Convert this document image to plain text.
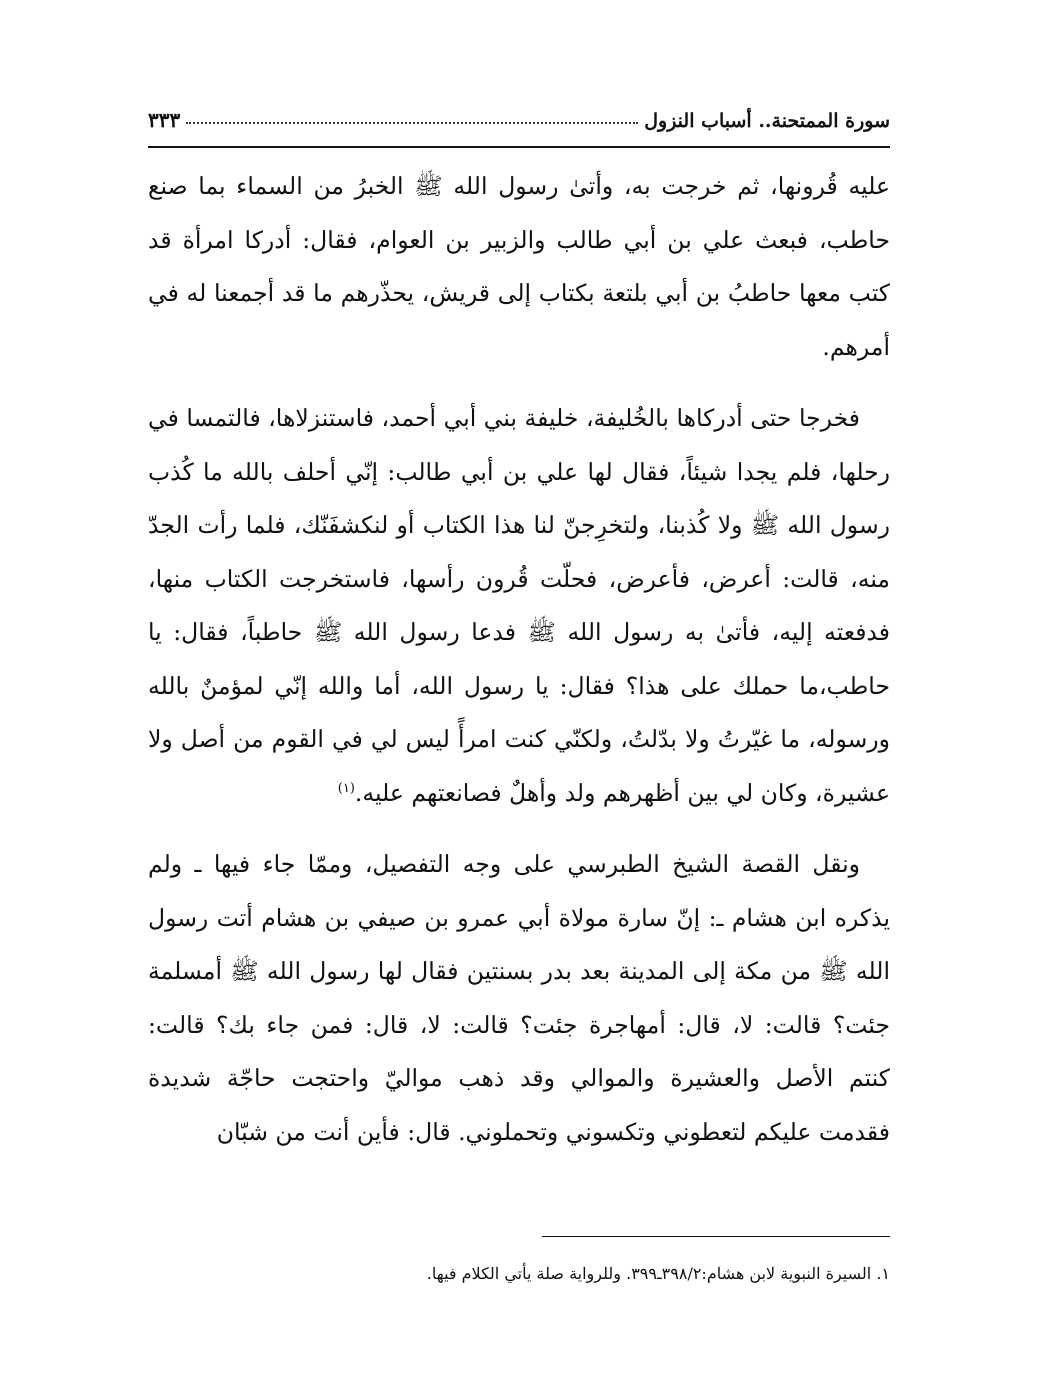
سورة الممتحنة.. أسباب النزول
٣٣٣

عليه قُرونها، ثم خرجت به، وأتىٰ رسول الله ﷺ الخبرُ من السماء بما صنع حاطب، فبعث علي بن أبي طالب والزبير بن العوام، فقال: أدركا امرأة قد كتب معها حاطبُ بن أبي بلتعة بكتاب إلى قريش، يحذّرهم ما قد أجمعنا له في أمرهم.

فخرجا حتى أدركاها بالخُليفة، خليفة بني أبي أحمد، فاستنزلاها، فالتمسا في رحلها، فلم يجدا شيئاً، فقال لها علي بن أبي طالب: إنّي أحلف بالله ما كُذب رسول الله ﷺ ولا كُذبنا، ولتخرِجنّ لنا هذا الكتاب أو لنكشفَنّك، فلما رأت الجدّ منه، قالت: أعرض، فأعرض، فحلّت قُرون رأسها، فاستخرجت الكتاب منها، فدفعته إليه، فأتىٰ به رسول الله ﷺ فدعا رسول الله ﷺ حاطباً، فقال: يا حاطب،ما حملك على هذا؟ فقال: يا رسول الله، أما والله إنّي لمؤمنٌ بالله ورسوله، ما غيّرتُ ولا بدّلتُ، ولكنّي كنت امرأً ليس لي في القوم من أصل ولا عشيرة، وكان لي بين أظهرهم ولد وأهلٌ فصانعتهم عليه.$^{(١)}$

ونقل القصة الشيخ الطبرسي على وجه التفصيل، وممّا جاء فيها ـ ولم يذكره ابن هشام ـ: إنّ سارة مولاة أبي عمرو بن صيفي بن هشام أتت رسول الله ﷺ من مكة إلى المدينة بعد بدر بسنتين فقال لها رسول الله ﷺ أمسلمة جئت؟ قالت: لا، قال: أمهاجرة جئت؟ قالت: لا، قال: فمن جاء بك؟ قالت: كنتم الأصل والعشيرة والموالي وقد ذهب مواليّ واحتجت حاجّة شديدة فقدمت عليكم لتعطوني وتكسوني وتحملوني. قال: فأين أنت من شبّان

١. السيرة النبوية لابن هشام:٣٩٨/٢ـ٣٩٩. وللرواية صلة يأتي الكلام فيها.
